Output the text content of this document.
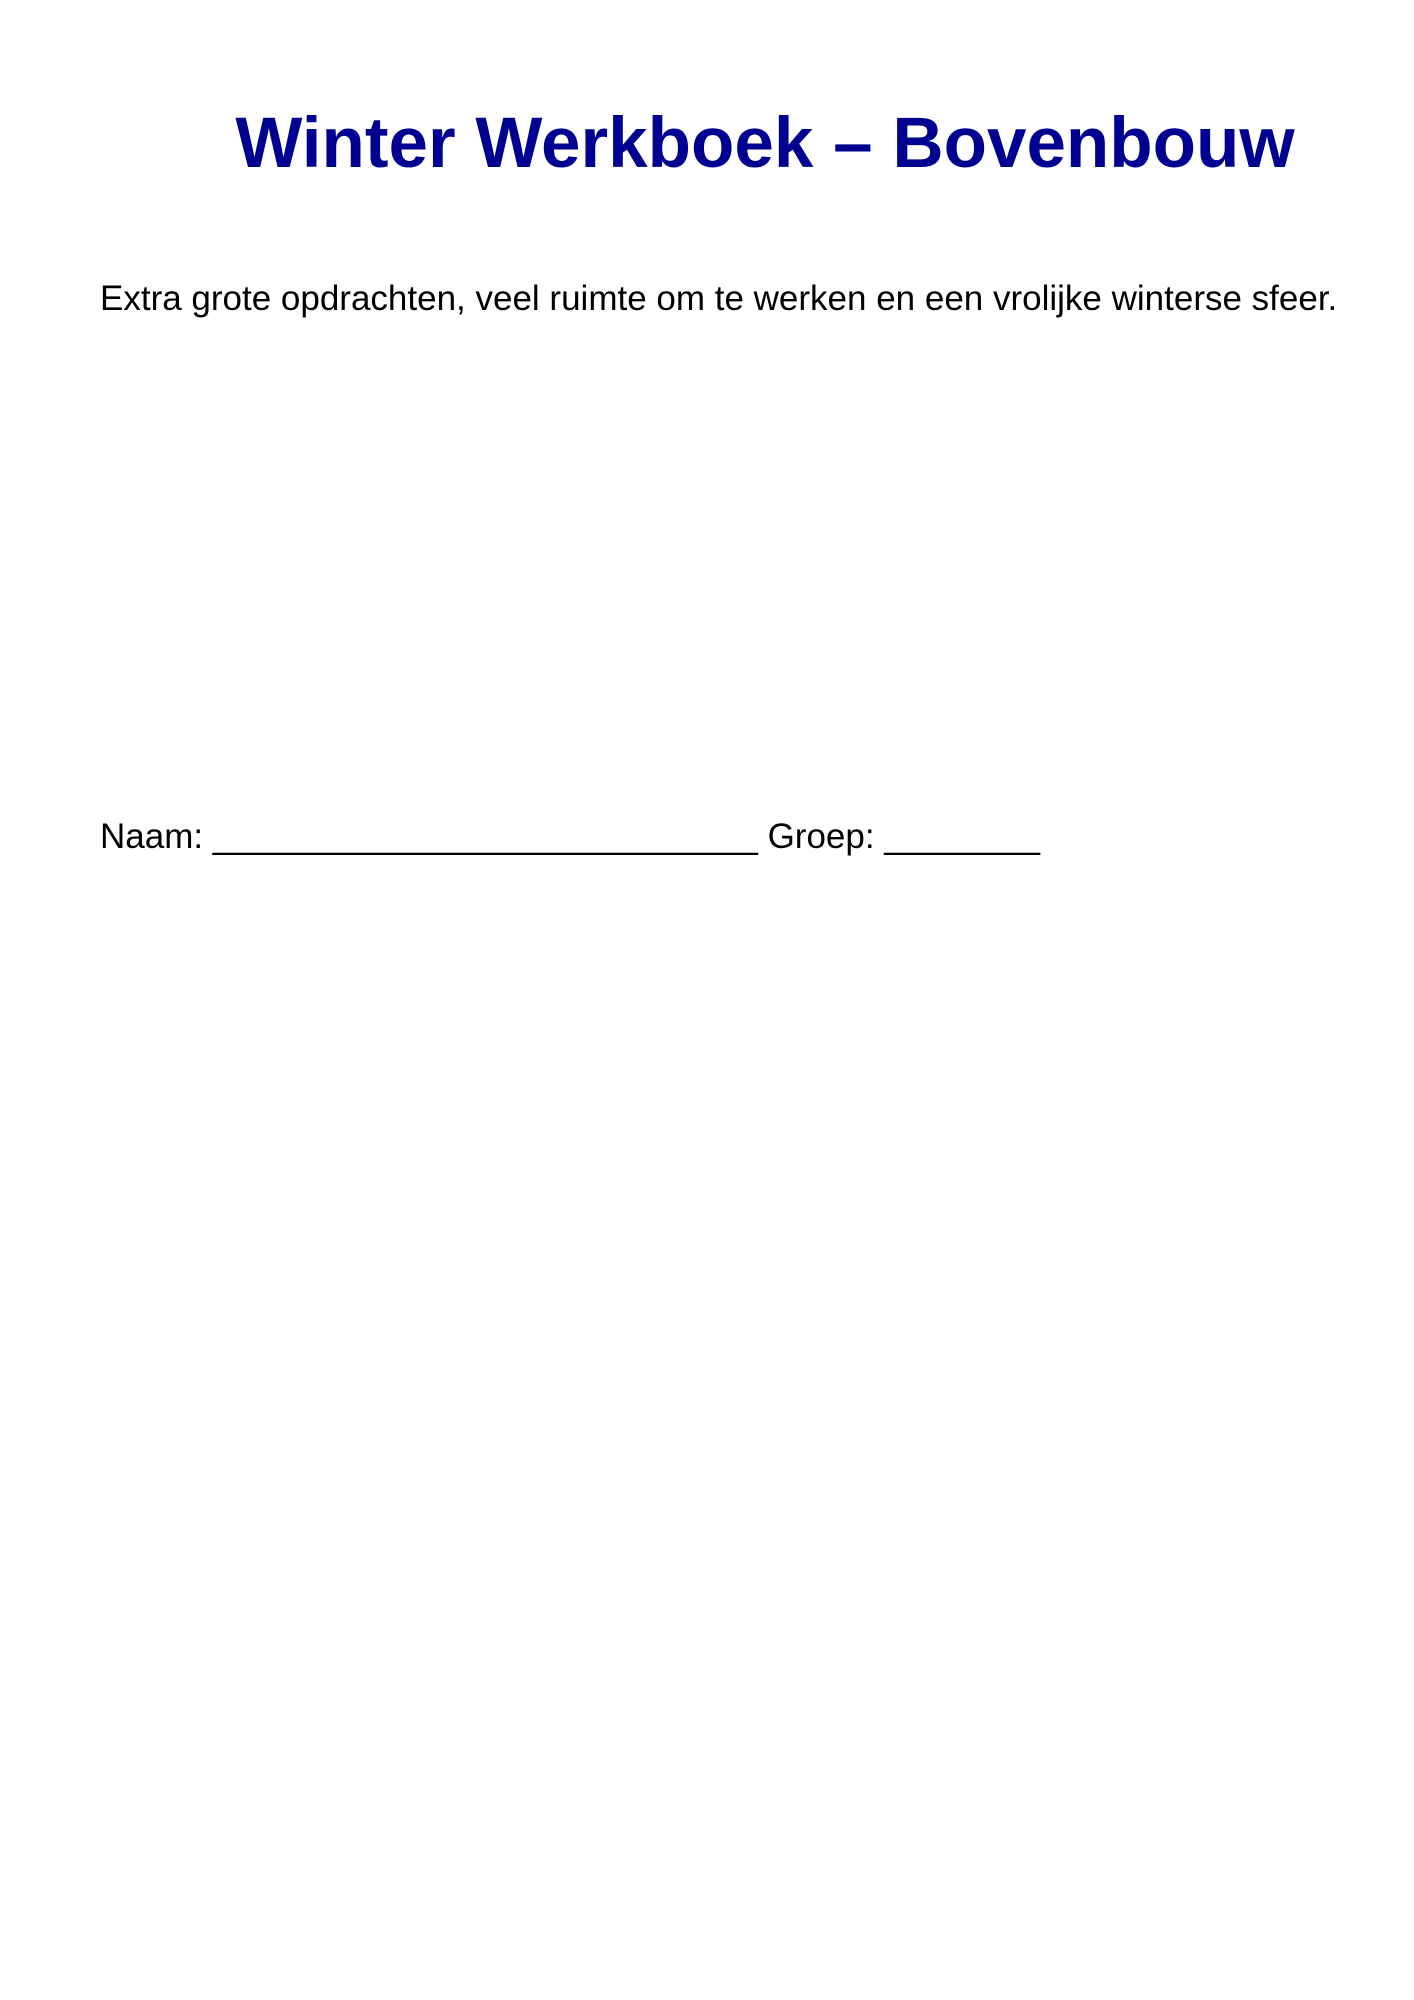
Winter Werkboek – Bovenbouw

Extra grote opdrachten, veel ruimte om te werken en een vrolijke winterse sfeer.

Naam: ____________________________ Groep: ________
